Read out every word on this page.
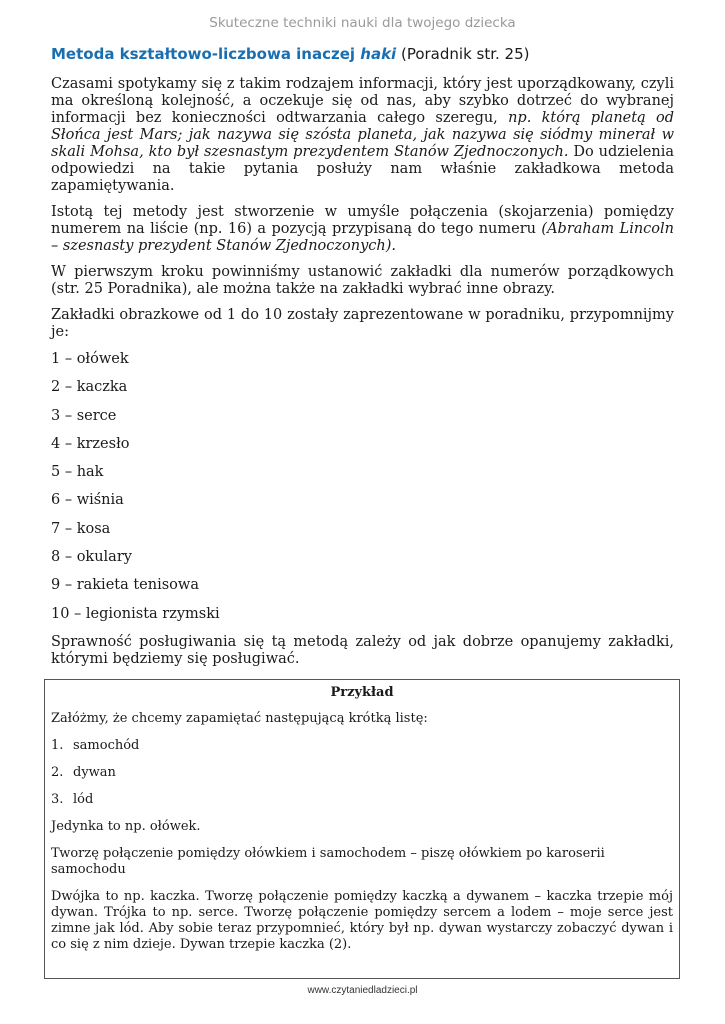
Skuteczne techniki nauki dla twojego dziecka
Metoda kształtowo-liczbowa inaczej haki (Poradnik str. 25)

Czasami spotykamy się z takim rodzajem informacji, który jest uporządkowany, czyli ma określoną kolejność, a oczekuje się od nas, aby szybko dotrzeć do wybranej informacji bez konieczności odtwarzania całego szeregu, np. którą planetą od Słońca jest Mars; jak nazywa się szósta planeta, jak nazywa się siódmy minerał w skali Mohsa, kto był szesnastym prezydentem Stanów Zjednoczonych. Do udzielenia odpowiedzi na takie pytania posłuży nam właśnie zakładkowa metoda zapamiętywania.

Istotą tej metody jest stworzenie w umyśle połączenia (skojarzenia) pomiędzy numerem na liście (np. 16) a pozycją przypisaną do tego numeru (Abraham Lincoln – szesnasty prezydent Stanów Zjednoczonych).

W pierwszym kroku powinniśmy ustanowić zakładki dla numerów porządkowych (str. 25 Poradnika), ale można także na zakładki wybrać inne obrazy.

Zakładki obrazkowe od 1 do 10 zostały zaprezentowane w poradniku, przypomnijmy je:

1 – ołówek
2 – kaczka
3 – serce
4 – krzesło
5 – hak
6 – wiśnia
7 – kosa
8 – okulary
9 – rakieta tenisowa
10 – legionista rzymski

Sprawność posługiwania się tą metodą zależy od jak dobrze opanujemy zakładki, którymi będziemy się posługiwać.

Przykład

Załóżmy, że chcemy zapamiętać następującą krótką listę:

1. samochód
2. dywan
3. lód

Jedynka to np. ołówek.

Tworzę połączenie pomiędzy ołówkiem i samochodem – piszę ołówkiem po karoserii samochodu

Dwójka to np. kaczka. Tworzę połączenie pomiędzy kaczką a dywanem – kaczka trzepie mój dywan. Trójka to np. serce. Tworzę połączenie pomiędzy sercem a lodem – moje serce jest zimne jak lód. Aby sobie teraz przypomnieć, który był np. dywan wystarczy zobaczyć dywan i co się z nim dzieje. Dywan trzepie kaczka (2).

www.czytaniedladzieci.pl
